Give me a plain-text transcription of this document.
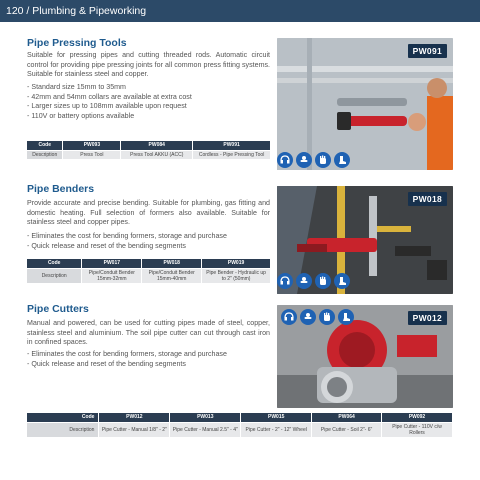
120 / Plumbing & Pipeworking
Pipe Pressing Tools

Suitable for pressing pipes and cutting threaded rods. Automatic circuit control for providing pipe pressing joints for all common press fitting systems. Suitable for stainless steel and copper.

- Standard size 15mm to 35mm
- 42mm and 54mm collars are available at extra cost
- Larger sizes up to 108mm available upon request
- 110V or battery options available
PW091
Code	PW093	PW084	PW091
Description	Press Tool	Press Tool AKKU (ACC)	Cordless - Pipe Pressing Tool
Pipe Benders

Provide accurate and precise bending. Suitable for plumbing, gas fitting and domestic heating. Full selection of formers also available. Suitable for stainless steel and copper pipes.

- Eliminates the cost for bending formers, storage and purchase
- Quick release and reset of the bending segments
PW018
Code	PW017	PW018	PW019
Description	Pipe/Conduit Bender 15mm-32mm	Pipe/Conduit Bender 15mm-40mm	Pipe Bender - Hydraulic up to 2" (50mm)
Pipe Cutters

Manual and powered, can be used for cutting pipes made of steel, copper, stainless steel and aluminium. The soil pipe cutter can cut through cast iron in confined spaces.

- Eliminates the cost for bending formers, storage and purchase
- Quick release and reset of the bending segments
PW012
Code	PW012	PW013	PW015	PW064	PW092
Description	Pipe Cutter - Manual 1/8" - 2"	Pipe Cutter - Manual 2.5" - 4"	Pipe Cutter - 2" - 12" Wheel	Pipe Cutter - Soil 2"- 6"	Pipe Cutter - 110V c/w Rollers
